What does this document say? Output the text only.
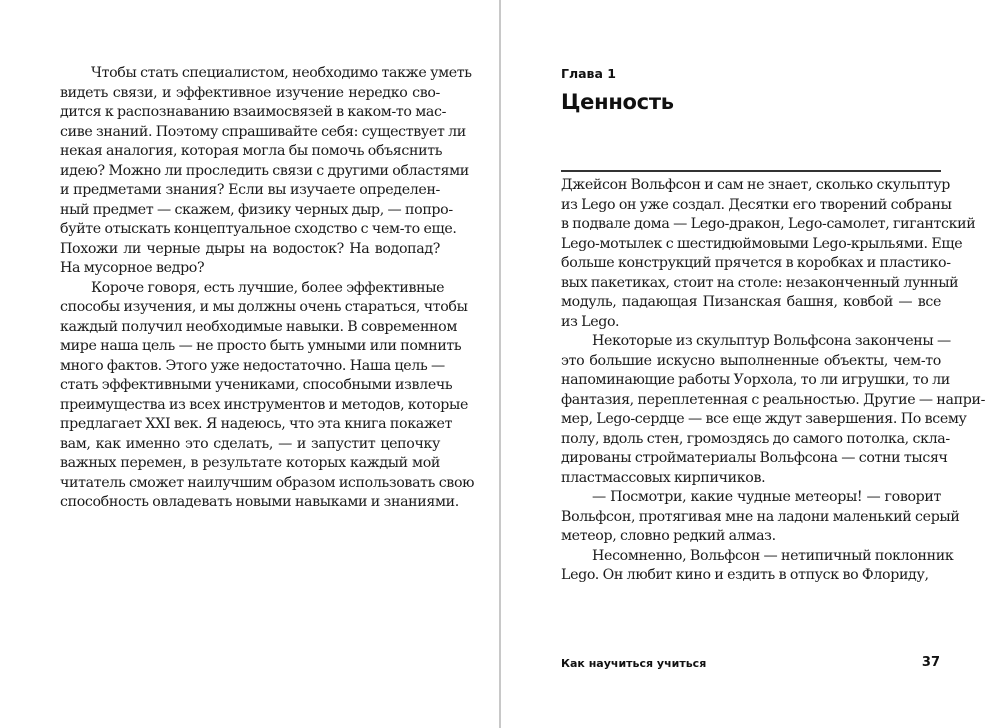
Чтобы стать специалистом, необходимо также уметь
видеть связи, и эффективное изучение нередко сво-
дится к распознаванию взаимосвязей в каком-то мас-
сиве знаний. Поэтому спрашивайте себя: существует ли
некая аналогия, которая могла бы помочь объяснить
идею? Можно ли проследить связи с другими областями
и предметами знания? Если вы изучаете определен-
ный предмет — скажем, физику черных дыр, — попро-
буйте отыскать концептуальное сходство с чем-то еще.
Похожи ли черные дыры на водосток? На водопад?
На мусорное ведро?
Короче говоря, есть лучшие, более эффективные
способы изучения, и мы должны очень стараться, чтобы
каждый получил необходимые навыки. В современном
мире наша цель — не просто быть умными или помнить
много фактов. Этого уже недостаточно. Наша цель —
стать эффективными учениками, способными извлечь
преимущества из всех инструментов и методов, которые
предлагает XXI век. Я надеюсь, что эта книга покажет
вам, как именно это сделать, — и запустит цепочку
важных перемен, в результате которых каждый мой
читатель сможет наилучшим образом использовать свою
способность овладевать новыми навыками и знаниями.
Глава 1
Ценность
Джейсон Вольфсон и сам не знает, сколько скульптур
из Lego он уже создал. Десятки его творений собраны
в подвале дома — Lego-дракон, Lego-самолет, гигантский
Lego-мотылек с шестидюймовыми Lego-крыльями. Еще
больше конструкций прячется в коробках и пластико-
вых пакетиках, стоит на столе: незаконченный лунный
модуль, падающая Пизанская башня, ковбой — все
из Lego.
Некоторые из скульптур Вольфсона закончены —
это большие искусно выполненные объекты, чем-то
напоминающие работы Уорхола, то ли игрушки, то ли
фантазия, переплетенная с реальностью. Другие — напри-
мер, Lego-сердце — все еще ждут завершения. По всему
полу, вдоль стен, громоздясь до самого потолка, скла-
дированы стройматериалы Вольфсона — сотни тысяч
пластмассовых кирпичиков.
— Посмотри, какие чудные метеоры! — говорит
Вольфсон, протягивая мне на ладони маленький серый
метеор, словно редкий алмаз.
Несомненно, Вольфсон — нетипичный поклонник
Lego. Он любит кино и ездить в отпуск во Флориду,
Как научиться учиться	37
